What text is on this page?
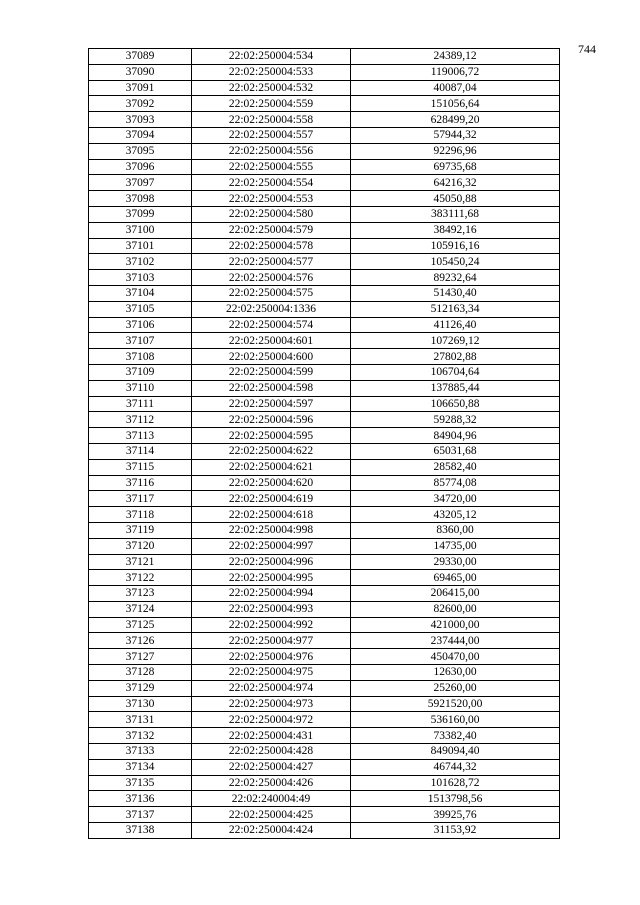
744
37089	22:02:250004:534	24389,12
37090	22:02:250004:533	119006,72
37091	22:02:250004:532	40087,04
37092	22:02:250004:559	151056,64
37093	22:02:250004:558	628499,20
37094	22:02:250004:557	57944,32
37095	22:02:250004:556	92296,96
37096	22:02:250004:555	69735,68
37097	22:02:250004:554	64216,32
37098	22:02:250004:553	45050,88
37099	22:02:250004:580	383111,68
37100	22:02:250004:579	38492,16
37101	22:02:250004:578	105916,16
37102	22:02:250004:577	105450,24
37103	22:02:250004:576	89232,64
37104	22:02:250004:575	51430,40
37105	22:02:250004:1336	512163,34
37106	22:02:250004:574	41126,40
37107	22:02:250004:601	107269,12
37108	22:02:250004:600	27802,88
37109	22:02:250004:599	106704,64
37110	22:02:250004:598	137885,44
37111	22:02:250004:597	106650,88
37112	22:02:250004:596	59288,32
37113	22:02:250004:595	84904,96
37114	22:02:250004:622	65031,68
37115	22:02:250004:621	28582,40
37116	22:02:250004:620	85774,08
37117	22:02:250004:619	34720,00
37118	22:02:250004:618	43205,12
37119	22:02:250004:998	8360,00
37120	22:02:250004:997	14735,00
37121	22:02:250004:996	29330,00
37122	22:02:250004:995	69465,00
37123	22:02:250004:994	206415,00
37124	22:02:250004:993	82600,00
37125	22:02:250004:992	421000,00
37126	22:02:250004:977	237444,00
37127	22:02:250004:976	450470,00
37128	22:02:250004:975	12630,00
37129	22:02:250004:974	25260,00
37130	22:02:250004:973	5921520,00
37131	22:02:250004:972	536160,00
37132	22:02:250004:431	73382,40
37133	22:02:250004:428	849094,40
37134	22:02:250004:427	46744,32
37135	22:02:250004:426	101628,72
37136	22:02:240004:49	1513798,56
37137	22:02:250004:425	39925,76
37138	22:02:250004:424	31153,92
